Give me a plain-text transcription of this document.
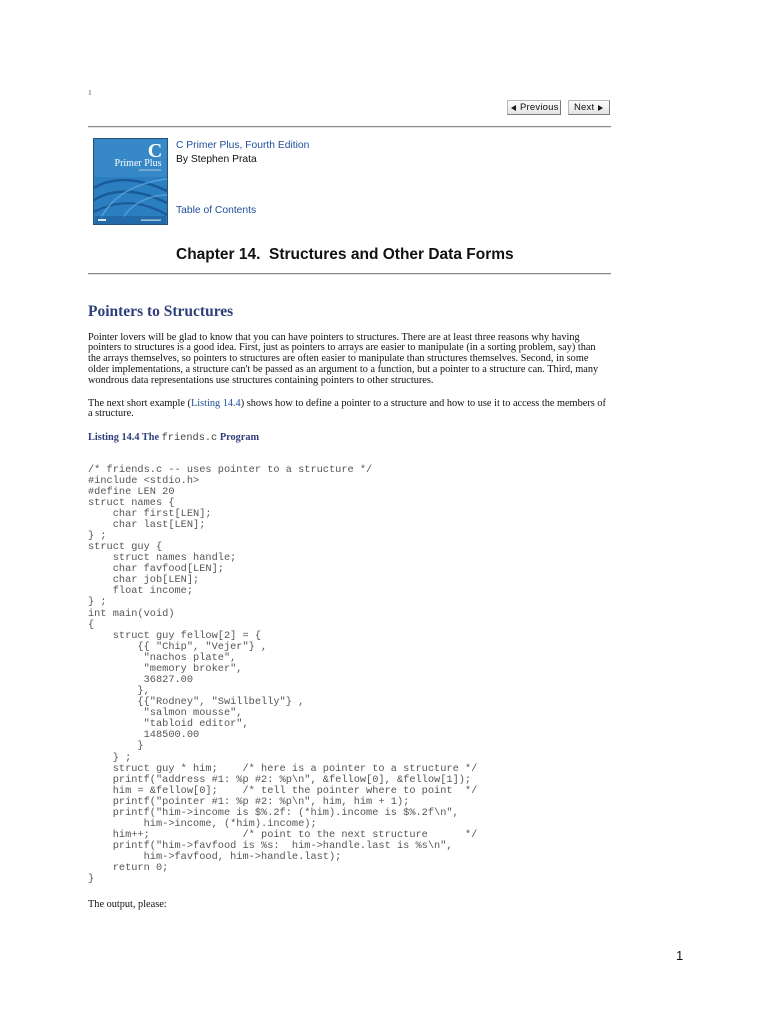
1
Previous Next
C
Primer Plus
C Primer Plus, Fourth Edition
By Stephen Prata
Table of Contents
Chapter 14.  Structures and Other Data Forms
Pointers to Structures
Pointer lovers will be glad to know that you can have pointers to structures. There are at least three reasons why having
pointers to structures is a good idea. First, just as pointers to arrays are easier to manipulate (in a sorting problem, say) than
the arrays themselves, so pointers to structures are often easier to manipulate than structures themselves. Second, in some
older implementations, a structure can't be passed as an argument to a function, but a pointer to a structure can. Third, many
wondrous data representations use structures containing pointers to other structures.
The next short example (Listing 14.4) shows how to define a pointer to a structure and how to use it to access the members of
a structure.
Listing 14.4 The friends.c Program
/* friends.c -- uses pointer to a structure */
#include <stdio.h>
#define LEN 20
struct names {
char first[LEN];
char last[LEN];
} ;
struct guy {
struct names handle;
char favfood[LEN];
char job[LEN];
float income;
} ;
int main(void)
{
struct guy fellow[2] = {
{{ "Chip", "Vejer"} ,
"nachos plate",
"memory broker",
36827.00
},
{{"Rodney", "Swillbelly"} ,
"salmon mousse",
"tabloid editor",
148500.00
}
} ;
struct guy * him;    /* here is a pointer to a structure */
printf("address #1: %p #2: %p\n", &fellow[0], &fellow[1]);
him = &fellow[0];    /* tell the pointer where to point  */
printf("pointer #1: %p #2: %p\n", him, him + 1);
printf("him->income is $%.2f: (*him).income is $%.2f\n",
him->income, (*him).income);
him++;               /* point to the next structure      */
printf("him->favfood is %s:  him->handle.last is %s\n",
him->favfood, him->handle.last);
return 0;
}
The output, please:
1
